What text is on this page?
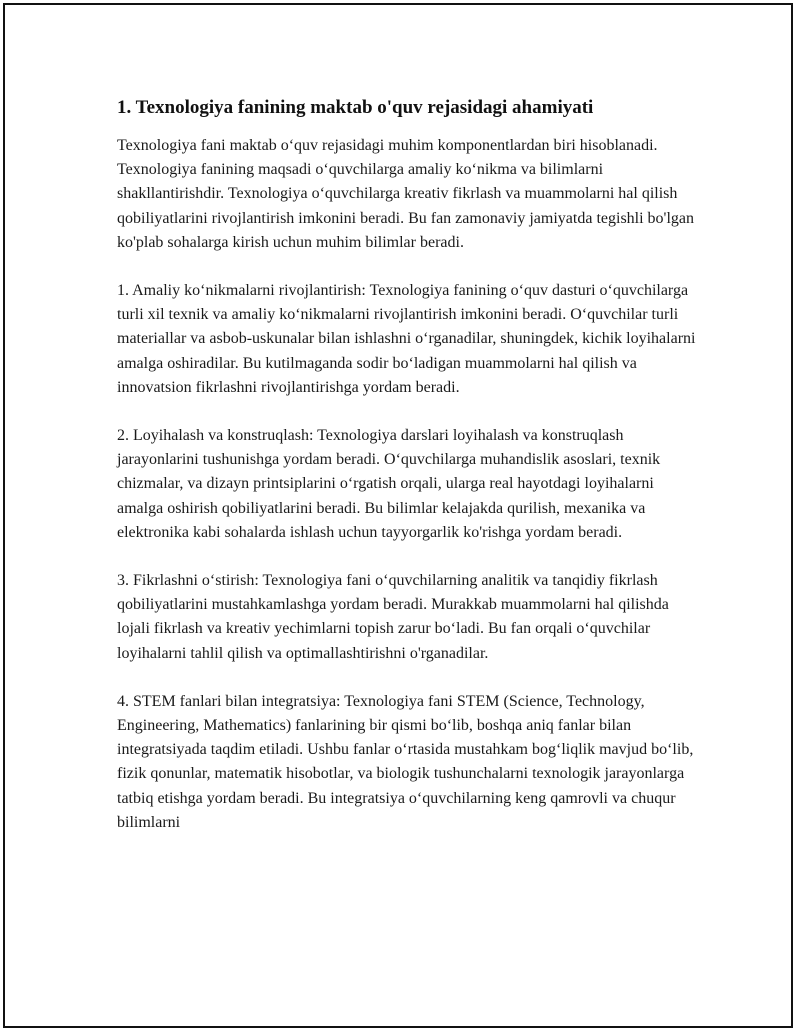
1. Texnologiya fanining maktab o'quv rejasidagi ahamiyati

Texnologiya fani maktab o‘quv rejasidagi muhim komponentlardan biri hisoblanadi. Texnologiya fanining maqsadi o‘quvchilarga amaliy ko‘nikma va bilimlarni shakllantirishdir. Texnologiya o‘quvchilarga kreativ fikrlash va muammolarni hal qilish qobiliyatlarini rivojlantirish imkonini beradi. Bu fan zamonaviy jamiyatda tegishli bo'lgan ko'plab sohalarga kirish uchun muhim bilimlar beradi.

1. Amaliy ko‘nikmalarni rivojlantirish: Texnologiya fanining o‘quv dasturi o‘quvchilarga turli xil texnik va amaliy ko‘nikmalarni rivojlantirish imkonini beradi. O‘quvchilar turli materiallar va asbob-uskunalar bilan ishlashni o‘rganadilar, shuningdek, kichik loyihalarni amalga oshiradilar. Bu kutilmaganda sodir bo‘ladigan muammolarni hal qilish va innovatsion fikrlashni rivojlantirishga yordam beradi.

2. Loyihalash va konstruqlash: Texnologiya darslari loyihalash va konstruqlash jarayonlarini tushunishga yordam beradi. O‘quvchilarga muhandislik asoslari, texnik chizmalar, va dizayn printsiplarini o‘rgatish orqali, ularga real hayotdagi loyihalarni amalga oshirish qobiliyatlarini beradi. Bu bilimlar kelajakda qurilish, mexanika va elektronika kabi sohalarda ishlash uchun tayyorgarlik ko'rishga yordam beradi.

3. Fikrlashni o‘stirish: Texnologiya fani o‘quvchilarning analitik va tanqidiy fikrlash qobiliyatlarini mustahkamlashga yordam beradi. Murakkab muammolarni hal qilishda lojali fikrlash va kreativ yechimlarni topish zarur bo‘ladi. Bu fan orqali o‘quvchilar loyihalarni tahlil qilish va optimallashtirishni o'rganadilar.

4. STEM fanlari bilan integratsiya: Texnologiya fani STEM (Science, Technology, Engineering, Mathematics) fanlarining bir qismi bo‘lib, boshqa aniq fanlar bilan integratsiyada taqdim etiladi. Ushbu fanlar o‘rtasida mustahkam bog‘liqlik mavjud bo‘lib, fizik qonunlar, matematik hisobotlar, va biologik tushunchalarni texnologik jarayonlarga tatbiq etishga yordam beradi. Bu integratsiya o‘quvchilarning keng qamrovli va chuqur bilimlarni
